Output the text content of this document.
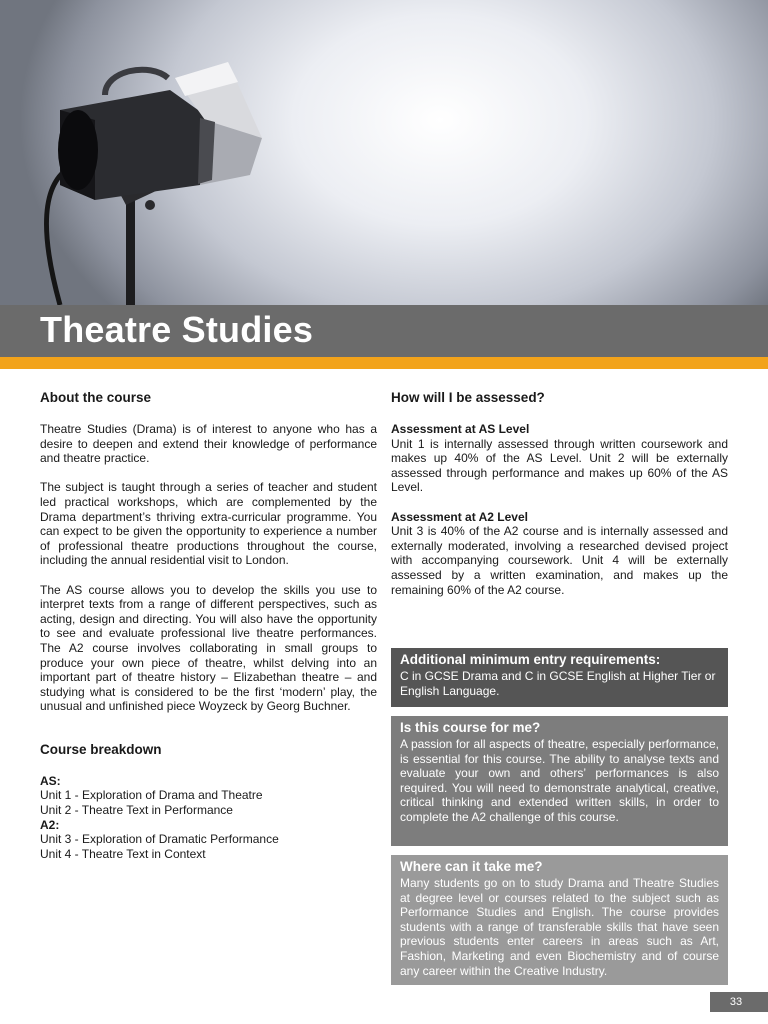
Theatre Studies
About the course

Theatre Studies (Drama) is of interest to anyone who has a desire to deepen and extend their knowledge of performance and theatre practice.

The subject is taught through a series of teacher and student led practical workshops, which are complemented by the Drama department’s thriving extra-curricular programme. You can expect to be given the opportunity to experience a number of professional theatre productions throughout the course, including the annual residential visit to London.

The AS course allows you to develop the skills you use to interpret texts from a range of different perspectives, such as acting, design and directing. You will also have the opportunity to see and evaluate professional live theatre performances. The A2 course involves collaborating in small groups to produce your own piece of theatre, whilst delving into an important part of theatre history – Elizabethan theatre – and studying what is considered to be the first ‘modern’ play, the unusual and unfinished piece Woyzeck by Georg Buchner.

Course breakdown
AS:
Unit 1 - Exploration of Drama and Theatre
Unit 2 - Theatre Text in Performance
A2:
Unit 3 - Exploration of Dramatic Performance
Unit 4 - Theatre Text in Context
How will I be assessed?
Assessment at AS Level

Unit 1 is internally assessed through written coursework and makes up 40% of the AS Level. Unit 2 will be externally assessed through performance and makes up 60% of the AS Level.

Assessment at A2 Level

Unit 3 is 40% of the A2 course and is internally assessed and externally moderated, involving a researched devised project with accompanying coursework. Unit 4 will be externally assessed by a written examination, and makes up the remaining 60% of the A2 course.

Additional minimum entry requirements:

C in GCSE Drama and C in GCSE English at Higher Tier or English Language.

Is this course for me?

A passion for all aspects of theatre, especially performance, is essential for this course. The ability to analyse texts and evaluate your own and others’ performances is also required. You will need to demonstrate analytical, creative, critical thinking and extended written skills, in order to complete the A2 challenge of this course.

Where can it take me?

Many students go on to study Drama and Theatre Studies at degree level or courses related to the subject such as Performance Studies and English. The course provides students with a range of transferable skills that have seen previous students enter careers in areas such as Art, Fashion, Marketing and even Biochemistry and of course any career within the Creative Industry.

33
